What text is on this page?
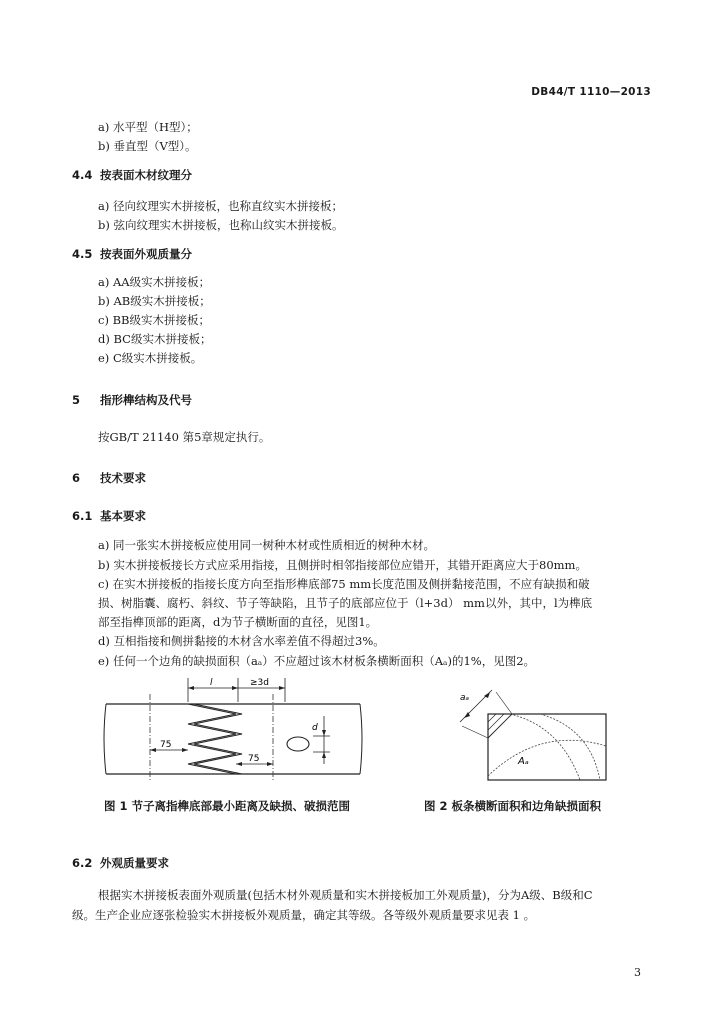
DB44/T 1110—2013
a) 水平型（H型）；
b) 垂直型（V型）。
4.4 按表面木材纹理分
a) 径向纹理实木拼接板，也称直纹实木拼接板；
b) 弦向纹理实木拼接板，也称山纹实木拼接板。
4.5 按表面外观质量分
a) AA级实木拼接板；
b) AB级实木拼接板；
c) BB级实木拼接板；
d) BC级实木拼接板；
e) C级实木拼接板。
5 指形榫结构及代号
按GB/T 21140 第5章规定执行。
6 技术要求
6.1 基本要求
a) 同一张实木拼接板应使用同一树种木材或性质相近的树种木材。
b) 实木拼接板接长方式应采用指接，且侧拼时相邻指接部位应错开，其错开距离应大于80mm。
c) 在实木拼接板的指接长度方向至指形榫底部75 mm长度范围及侧拼黏接范围，不应有缺损和破
损、树脂囊、腐朽、斜纹、节子等缺陷，且节子的底部应位于（l+3d） mm以外，其中，l为榫底
部至指榫顶部的距离，d为节子横断面的直径，见图1。
d) 互相指接和侧拼黏接的木材含水率差值不得超过3%。
e) 任何一个边角的缺损面积（aₐ）不应超过该木材板条横断面积（Aₐ)的1%，见图2。
l	≥3d
75
75
d
aₐ
Aₐ
图 1 节子离指榫底部最小距离及缺损、破损范围	图 2 板条横断面积和边角缺损面积
6.2 外观质量要求
根据实木拼接板表面外观质量(包括木材外观质量和实木拼接板加工外观质量)，分为A级、B级和C
级。生产企业应逐张检验实木拼接板外观质量，确定其等级。各等级外观质量要求见表 1 。
3
